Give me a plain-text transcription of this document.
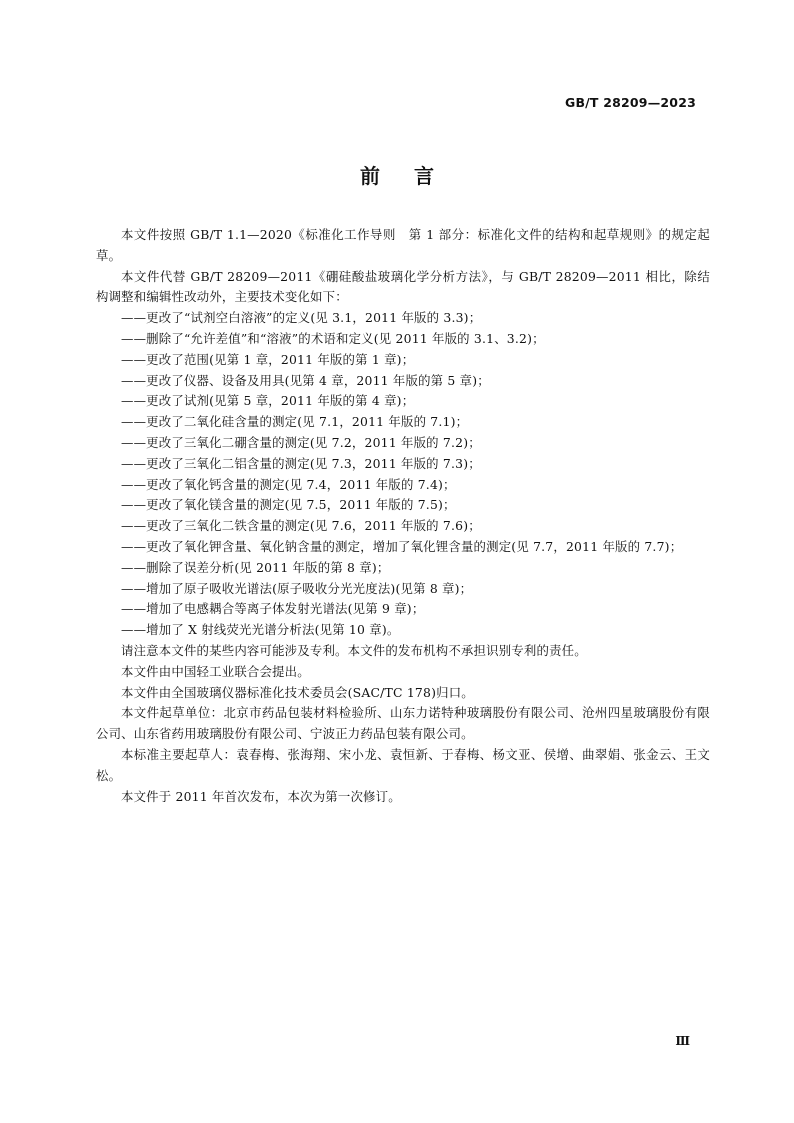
GB/T 28209—2023
前 言

本文件按照 GB/T 1.1—2020《标准化工作导则　第 1 部分：标准化文件的结构和起草规则》的规定起草。

本文件代替 GB/T 28209—2011《硼硅酸盐玻璃化学分析方法》，与 GB/T 28209—2011 相比，除结构调整和编辑性改动外，主要技术变化如下：

——更改了“试剂空白溶液”的定义(见 3.1，2011 年版的 3.3)；

——删除了“允许差值”和“溶液”的术语和定义(见 2011 年版的 3.1、3.2)；

——更改了范围(见第 1 章，2011 年版的第 1 章)；

——更改了仪器、设备及用具(见第 4 章，2011 年版的第 5 章)；

——更改了试剂(见第 5 章，2011 年版的第 4 章)；

——更改了二氧化硅含量的测定(见 7.1，2011 年版的 7.1)；

——更改了三氧化二硼含量的测定(见 7.2，2011 年版的 7.2)；

——更改了三氧化二铝含量的测定(见 7.3，2011 年版的 7.3)；

——更改了氧化钙含量的测定(见 7.4，2011 年版的 7.4)；

——更改了氧化镁含量的测定(见 7.5，2011 年版的 7.5)；

——更改了三氧化二铁含量的测定(见 7.6，2011 年版的 7.6)；

——更改了氧化钾含量、氧化钠含量的测定，增加了氧化锂含量的测定(见 7.7，2011 年版的 7.7)；

——删除了误差分析(见 2011 年版的第 8 章)；

——增加了原子吸收光谱法(原子吸收分光光度法)(见第 8 章)；

——增加了电感耦合等离子体发射光谱法(见第 9 章)；

——增加了 X 射线荧光光谱分析法(见第 10 章)。

请注意本文件的某些内容可能涉及专利。本文件的发布机构不承担识别专利的责任。

本文件由中国轻工业联合会提出。

本文件由全国玻璃仪器标准化技术委员会(SAC/TC 178)归口。

本文件起草单位：北京市药品包装材料检验所、山东力诺特种玻璃股份有限公司、沧州四星玻璃股份有限公司、山东省药用玻璃股份有限公司、宁波正力药品包装有限公司。

本标准主要起草人：袁春梅、张海翔、宋小龙、袁恒新、于春梅、杨文亚、侯增、曲翠娟、张金云、王文松。

本文件于 2011 年首次发布，本次为第一次修订。

Ⅲ
